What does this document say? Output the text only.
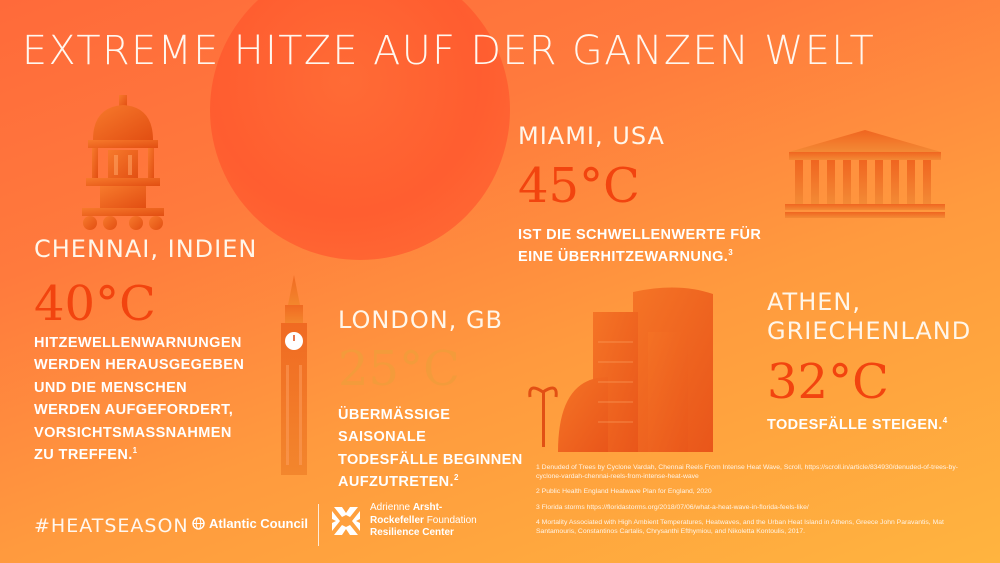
EXTREME HITZE AUF DER GANZEN WELT
CHENNAI, INDIEN
40°C
HITZEWELLENWARNUNGEN
WERDEN HERAUSGEGEBEN
UND DIE MENSCHEN
WERDEN AUFGEFORDERT,
VORSICHTSMASSNAHMEN
ZU TREFFEN.$^1$
LONDON, GB
25°C
ÜBERMÄSSIGE
SAISONALE
TODESFÄLLE BEGINNEN
AUFZUTRETEN.$^2$
MIAMI, USA
45°C
IST DIE SCHWELLENWERTE FÜR
EINE ÜBERHITZEWARNUNG.$^3$
ATHEN,
GRIECHENLAND
32°C
TODESFÄLLE STEIGEN.$^4$

1 Denuded of Trees by Cyclone Vardah, Chennai Reels From Intense Heat Wave, Scroll, https://scroll.in/article/834930/denuded-of-trees-by-cyclone-vardah-chennai-reels-from-intense-heat-wave

2 Public Health England Heatwave Plan for England, 2020

3 Florida storms https://floridastorms.org/2018/07/06/what-a-heat-wave-in-florida-feels-like/

4 Mortality Associated with High Ambient Temperatures, Heatwaves, and the Urban Heat Island in Athens, Greece John Paravantis, Mat Santamouris, Constantinos Cartalis, Chrysanthi Efthymiou, and Nikoletta Kontoulis, 2017.

#HEATSEASON Atlantic Council
Adrienne Arsht-
Rockefeller Foundation
Resilience Center
